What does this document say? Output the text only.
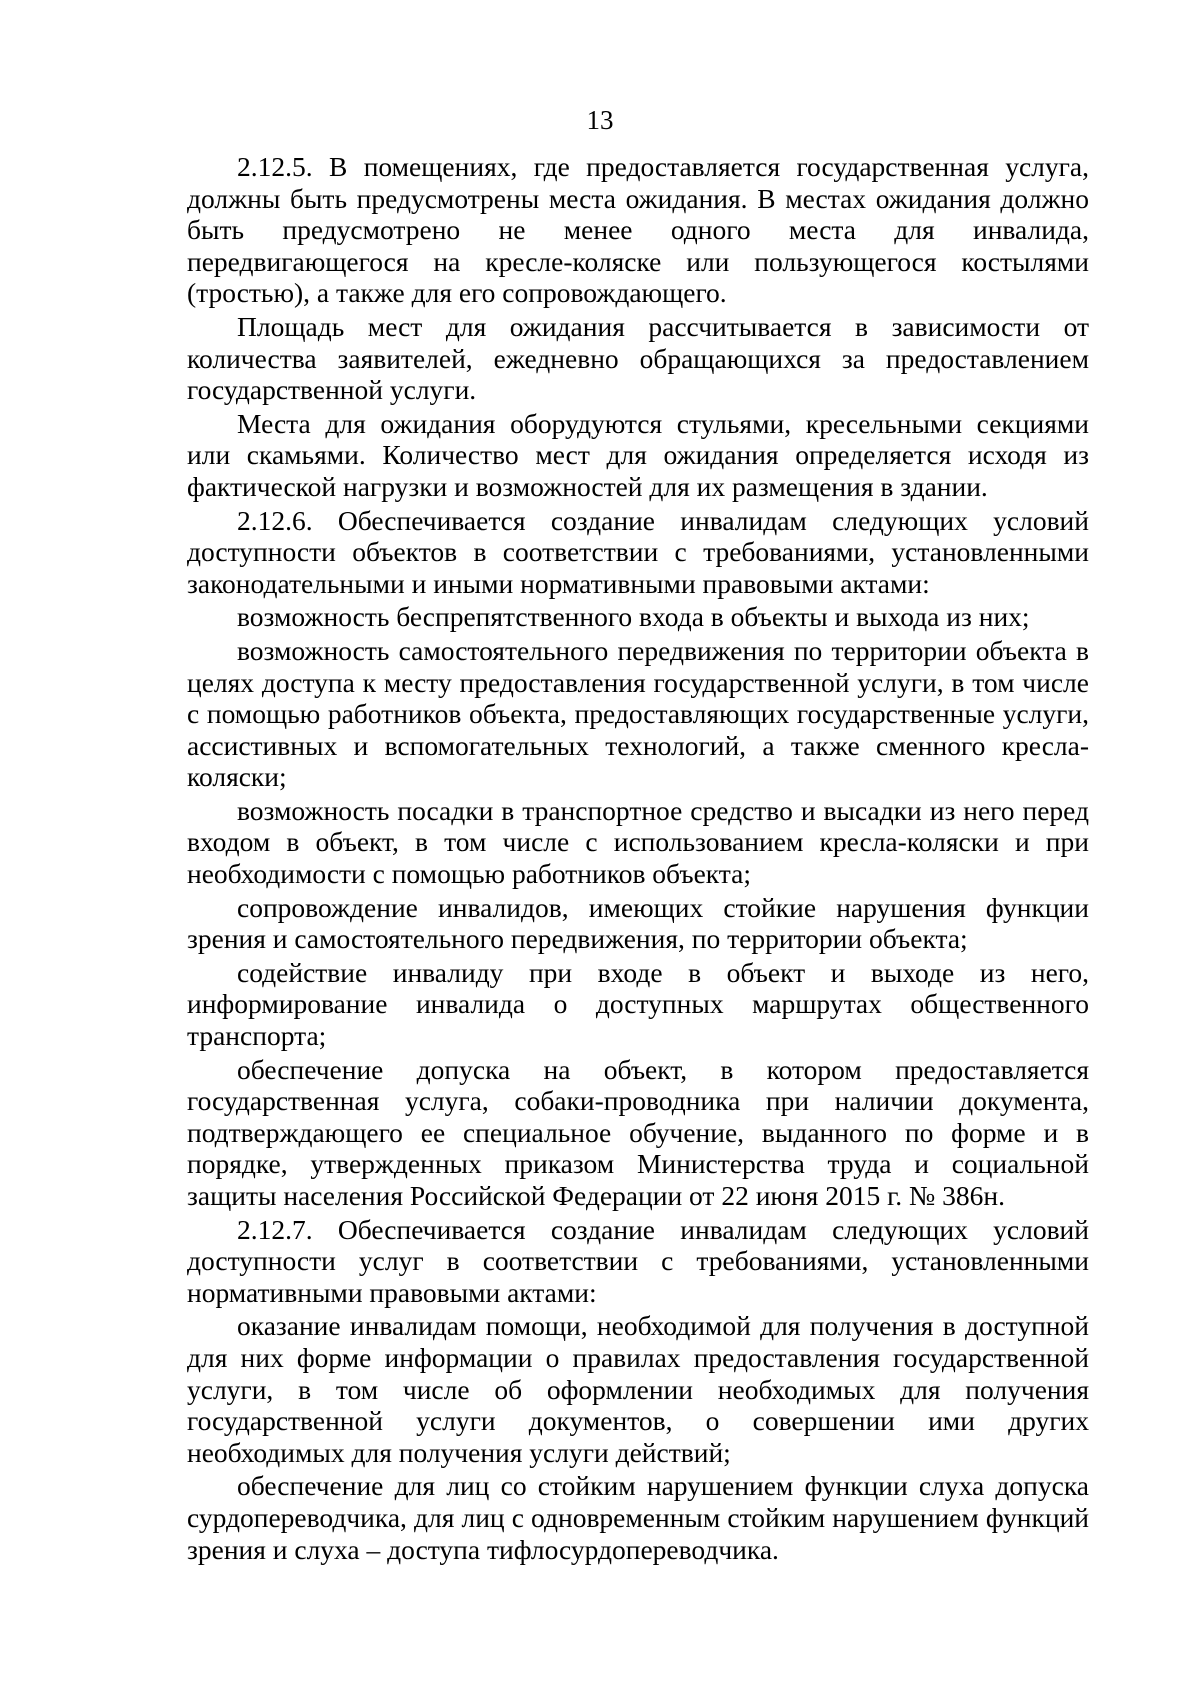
13

2.12.5. В помещениях, где предоставляется государственная услуга, должны быть предусмотрены места ожидания. В местах ожидания должно быть предусмотрено не менее одного места для инвалида, передвигающегося на кресле-коляске или пользующегося костылями (тростью), а также для его сопровождающего.

Площадь мест для ожидания рассчитывается в зависимости от количества заявителей, ежедневно обращающихся за предоставлением государственной услуги.

Места для ожидания оборудуются стульями, кресельными секциями или скамьями. Количество мест для ожидания определяется исходя из фактической нагрузки и возможностей для их размещения в здании.

2.12.6. Обеспечивается создание инвалидам следующих условий доступности объектов в соответствии с требованиями, установленными законодательными и иными нормативными правовыми актами:

возможность беспрепятственного входа в объекты и выхода из них;

возможность самостоятельного передвижения по территории объекта в целях доступа к месту предоставления государственной услуги, в том числе с помощью работников объекта, предоставляющих государственные услуги, ассистивных и вспомогательных технологий, а также сменного кресла-коляски;

возможность посадки в транспортное средство и высадки из него перед входом в объект, в том числе с использованием кресла-коляски и при необходимости с помощью работников объекта;

сопровождение инвалидов, имеющих стойкие нарушения функции зрения и самостоятельного передвижения, по территории объекта;

содействие инвалиду при входе в объект и выходе из него, информирование инвалида о доступных маршрутах общественного транспорта;

обеспечение допуска на объект, в котором предоставляется государственная услуга, собаки-проводника при наличии документа, подтверждающего ее специальное обучение, выданного по форме и в порядке, утвержденных приказом Министерства труда и социальной защиты населения Российской Федерации от 22 июня 2015 г. № 386н.

2.12.7. Обеспечивается создание инвалидам следующих условий доступности услуг в соответствии с требованиями, установленными нормативными правовыми актами:

оказание инвалидам помощи, необходимой для получения в доступной для них форме информации о правилах предоставления государственной услуги, в том числе об оформлении необходимых для получения государственной услуги документов, о совершении ими других необходимых для получения услуги действий;

обеспечение для лиц со стойким нарушением функции слуха допуска сурдопереводчика, для лиц с одновременным стойким нарушением функций зрения и слуха – доступа тифлосурдопереводчика.
